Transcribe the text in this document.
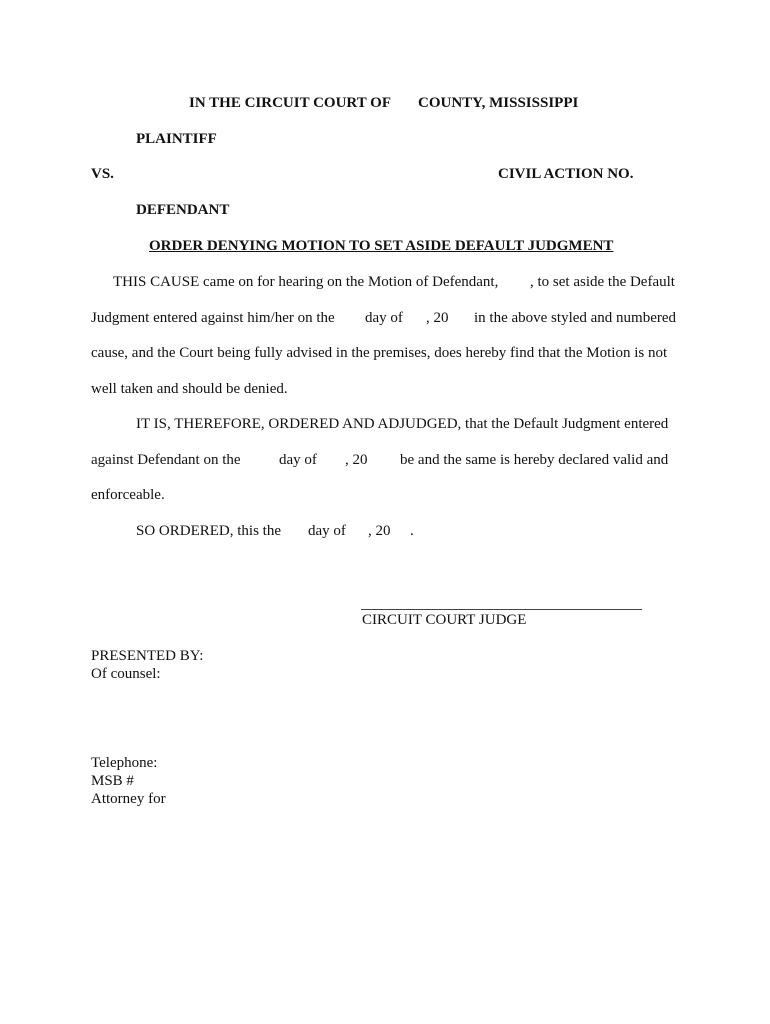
IN THE CIRCUIT COURT OF COUNTY, MISSISSIPPI
PLAINTIFF
VS.	CIVIL ACTION NO.
DEFENDANT
ORDER DENYING MOTION TO SET ASIDE DEFAULT JUDGMENT
THIS CAUSE came on for hearing on the Motion of Defendant, , to set aside the Default
Judgment entered against him/her on the day of , 20 in the above styled and numbered
cause, and the Court being fully advised in the premises, does hereby find that the Motion is not
well taken and should be denied.
IT IS, THEREFORE, ORDERED AND ADJUDGED, that the Default Judgment entered
against Defendant on the	day of , 20 be and the same is hereby declared valid and
enforceable.
SO ORDERED, this the day of , 20 .
CIRCUIT COURT JUDGE
PRESENTED BY:
Of counsel:
Telephone:
MSB #
Attorney for
